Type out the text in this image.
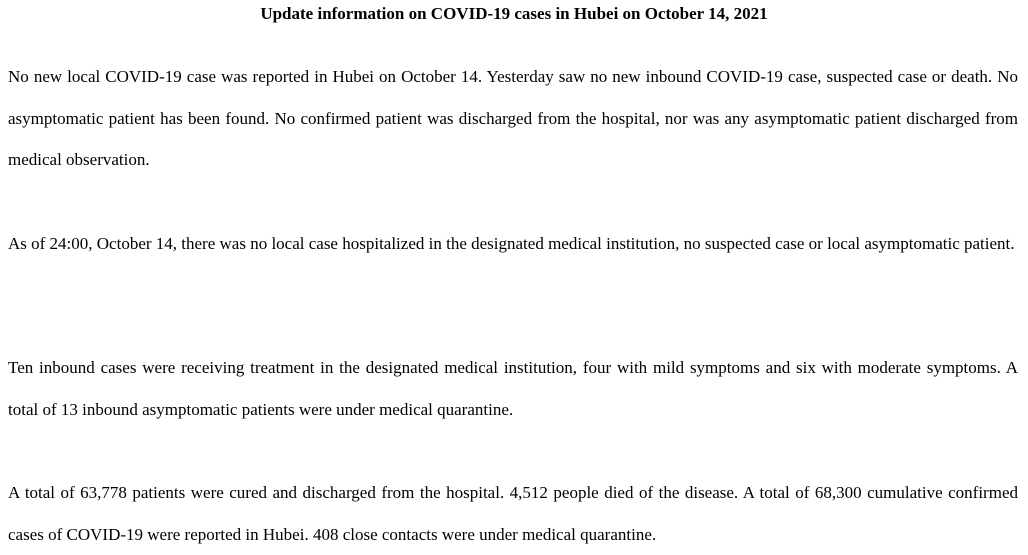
Update information on COVID-19 cases in Hubei on October 14, 2021

No new local COVID-19 case was reported in Hubei on October 14. Yesterday saw no new inbound COVID-19 case, suspected case or death. No asymptomatic patient has been found. No confirmed patient was discharged from the hospital, nor was any asymptomatic patient discharged from medical observation.

As of 24:00, October 14, there was no local case hospitalized in the designated medical institution, no suspected case or local asymptomatic patient.

Ten inbound cases were receiving treatment in the designated medical institution, four with mild symptoms and six with moderate symptoms. A total of 13 inbound asymptomatic patients were under medical quarantine.

A total of 63,778 patients were cured and discharged from the hospital. 4,512 people died of the disease. A total of 68,300 cumulative confirmed cases of COVID-19 were reported in Hubei. 408 close contacts were under medical quarantine.
